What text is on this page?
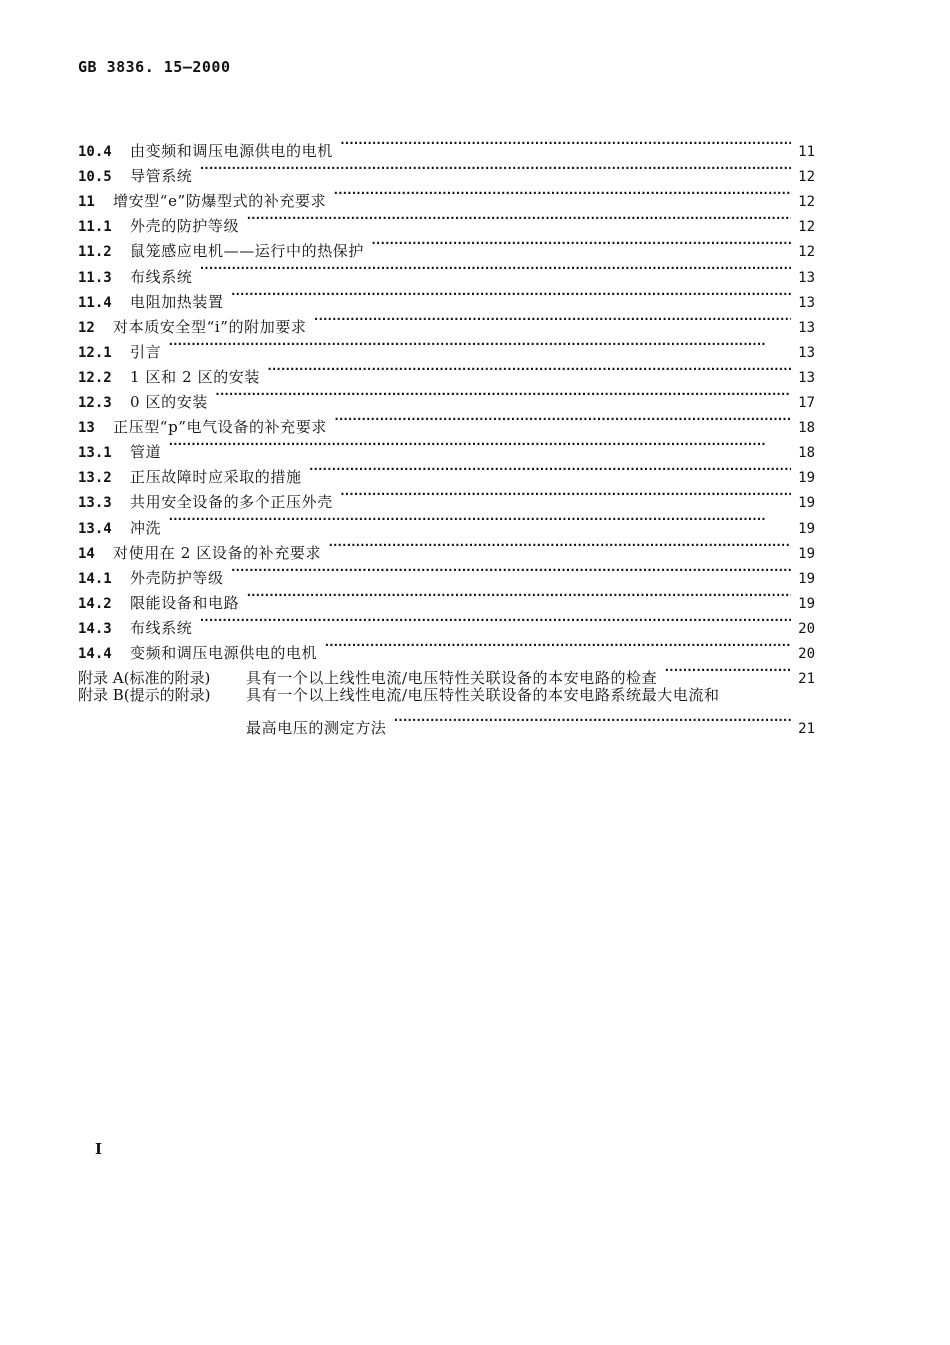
GB 3836. 15—2000
10.4	由变频和调压电源供电的电机 ·····	11
10.5	导管系统 ·····	12
11	增安型“e”防爆型式的补充要求 ·····	12
11.1	外壳的防护等级 ·····	12
11.2	鼠笼感应电机——运行中的热保护 ·····	12
11.3	布线系统 ·····	13
11.4	电阻加热装置 ·····	13
12	对本质安全型“i”的附加要求 ·····	13
12.1	引言 ·····	13
12.2	1 区和 2 区的安装 ·····	13
12.3	0 区的安装 ·····	17
13	正压型“p”电气设备的补充要求 ·····	18
13.1	管道 ·····	18
13.2	正压故障时应采取的措施 ·····	19
13.3	共用安全设备的多个正压外壳 ·····	19
13.4	冲洗 ·····	19
14	对使用在 2 区设备的补充要求 ·····	19
14.1	外壳防护等级 ·····	19
14.2	限能设备和电路 ·····	19
14.3	布线系统 ·····	20
14.4	变频和调压电源供电的电机 ·····	20
附录 A(标准的附录)	具有一个以上线性电流/电压特性关联设备的本安电路的检查 ·····	21
附录 B(提示的附录)	具有一个以上线性电流/电压特性关联设备的本安电路系统最大电流和
最高电压的测定方法 ·····	21
I
